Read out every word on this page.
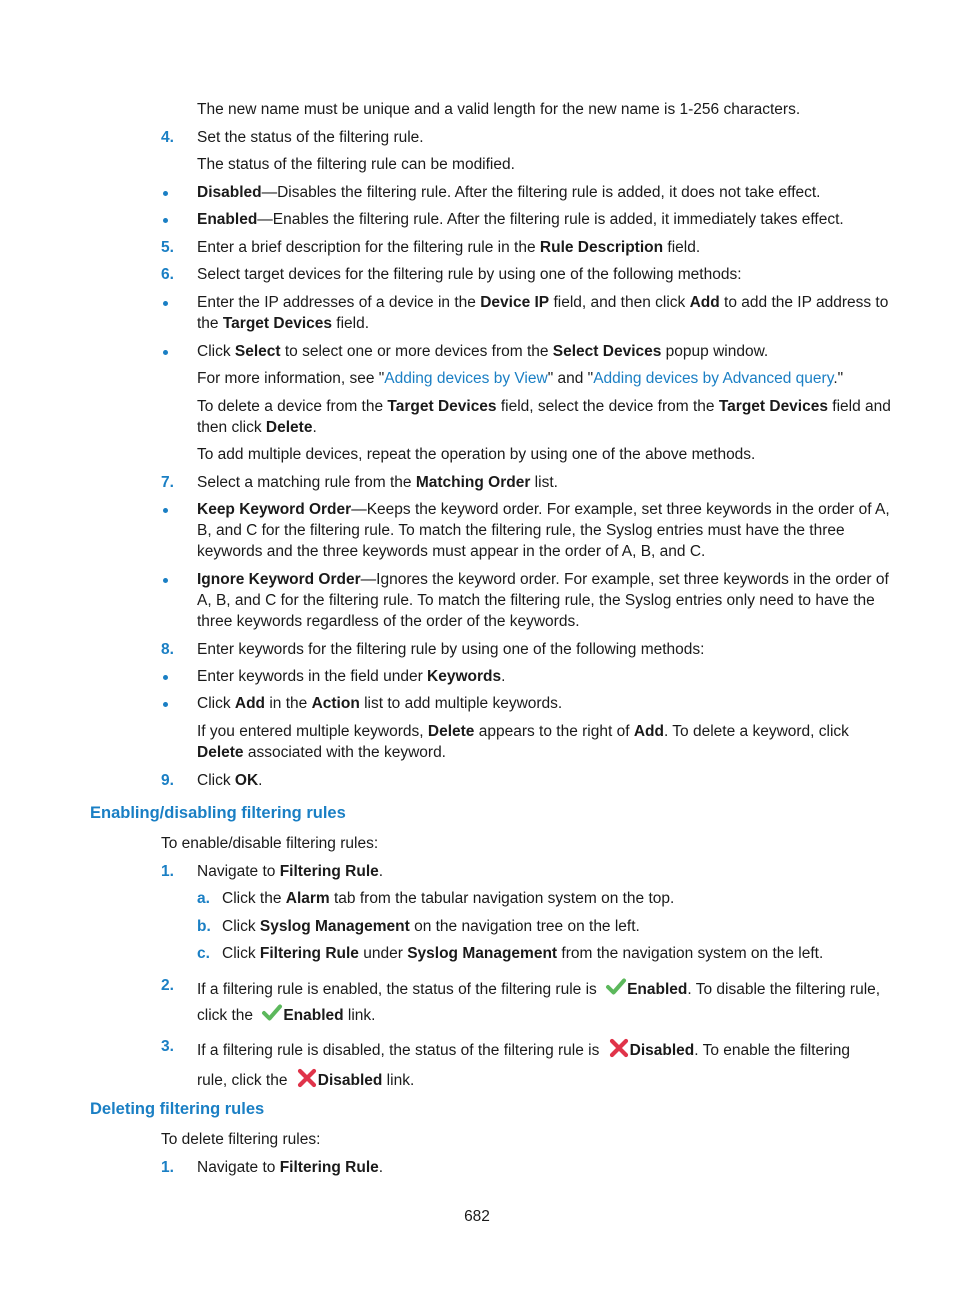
The new name must be unique and a valid length for the new name is 1-256 characters.
4. Set the status of the filtering rule.
The status of the filtering rule can be modified.
Disabled—Disables the filtering rule. After the filtering rule is added, it does not take effect.
Enabled—Enables the filtering rule. After the filtering rule is added, it immediately takes effect.
5. Enter a brief description for the filtering rule in the Rule Description field.
6. Select target devices for the filtering rule by using one of the following methods:
Enter the IP addresses of a device in the Device IP field, and then click Add to add the IP address to
the Target Devices field.
Click Select to select one or more devices from the Select Devices popup window.
For more information, see "Adding devices by View" and "Adding devices by Advanced query."
To delete a device from the Target Devices field, select the device from the Target Devices field and
then click Delete.
To add multiple devices, repeat the operation by using one of the above methods.
7. Select a matching rule from the Matching Order list.
Keep Keyword Order—Keeps the keyword order. For example, set three keywords in the order of A,
B, and C for the filtering rule. To match the filtering rule, the Syslog entries must have the three
keywords and the three keywords must appear in the order of A, B, and C.
Ignore Keyword Order—Ignores the keyword order. For example, set three keywords in the order of
A, B, and C for the filtering rule. To match the filtering rule, the Syslog entries only need to have the
three keywords regardless of the order of the keywords.
8. Enter keywords for the filtering rule by using one of the following methods:
Enter keywords in the field under Keywords.
Click Add in the Action list to add multiple keywords.
If you entered multiple keywords, Delete appears to the right of Add. To delete a keyword, click
Delete associated with the keyword.
9. Click OK.
Enabling/disabling filtering rules
To enable/disable filtering rules:
1. Navigate to Filtering Rule.
a. Click the Alarm tab from the tabular navigation system on the top.
b. Click Syslog Management on the navigation tree on the left.
c. Click Filtering Rule under Syslog Management from the navigation system on the left.
2. If a filtering rule is enabled, the status of the filtering rule is Enabled. To disable the filtering rule,
click the Enabled link.
3. If a filtering rule is disabled, the status of the filtering rule is Disabled. To enable the filtering
rule, click the Disabled link.
Deleting filtering rules
To delete filtering rules:
1. Navigate to Filtering Rule.
682
